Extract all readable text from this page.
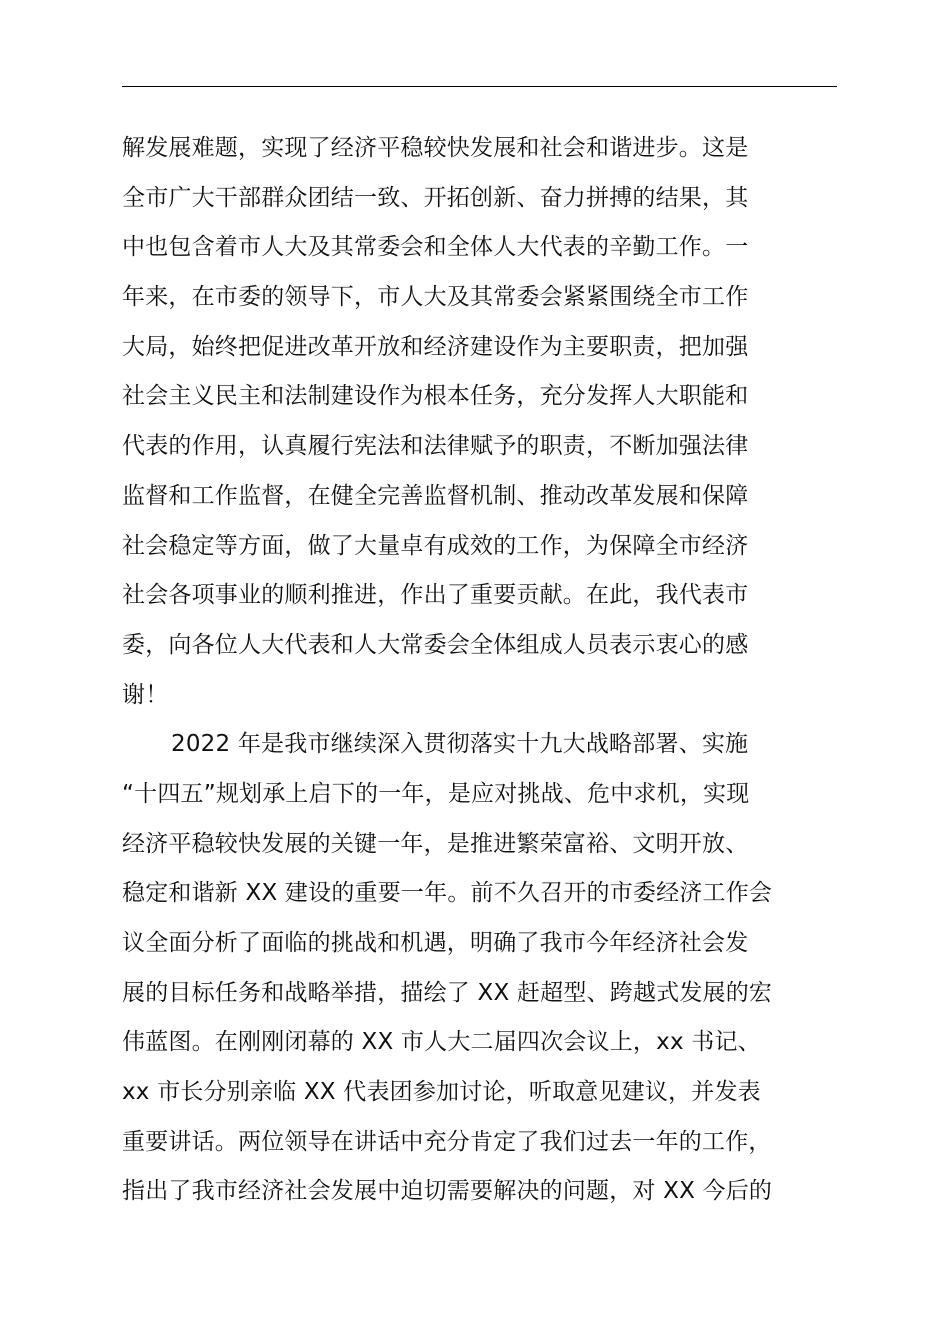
解发展难题，实现了经济平稳较快发展和社会和谐进步。这是
全市广大干部群众团结一致、开拓创新、奋力拼搏的结果，其
中也包含着市人大及其常委会和全体人大代表的辛勤工作。一
年来，在市委的领导下，市人大及其常委会紧紧围绕全市工作
大局，始终把促进改革开放和经济建设作为主要职责，把加强
社会主义民主和法制建设作为根本任务，充分发挥人大职能和
代表的作用，认真履行宪法和法律赋予的职责，不断加强法律
监督和工作监督，在健全完善监督机制、推动改革发展和保障
社会稳定等方面，做了大量卓有成效的工作，为保障全市经济
社会各项事业的顺利推进，作出了重要贡献。在此，我代表市
委，向各位人大代表和人大常委会全体组成人员表示衷心的感
谢！
2022 年是我市继续深入贯彻落实十九大战略部署、实施
“十四五”规划承上启下的一年，是应对挑战、危中求机，实现
经济平稳较快发展的关键一年，是推进繁荣富裕、文明开放、
稳定和谐新 XX 建设的重要一年。前不久召开的市委经济工作会
议全面分析了面临的挑战和机遇，明确了我市今年经济社会发
展的目标任务和战略举措，描绘了 XX 赶超型、跨越式发展的宏
伟蓝图。在刚刚闭幕的 XX 市人大二届四次会议上，xx 书记、
xx 市长分别亲临 XX 代表团参加讨论，听取意见建议，并发表
重要讲话。两位领导在讲话中充分肯定了我们过去一年的工作，
指出了我市经济社会发展中迫切需要解决的问题，对 XX 今后的
